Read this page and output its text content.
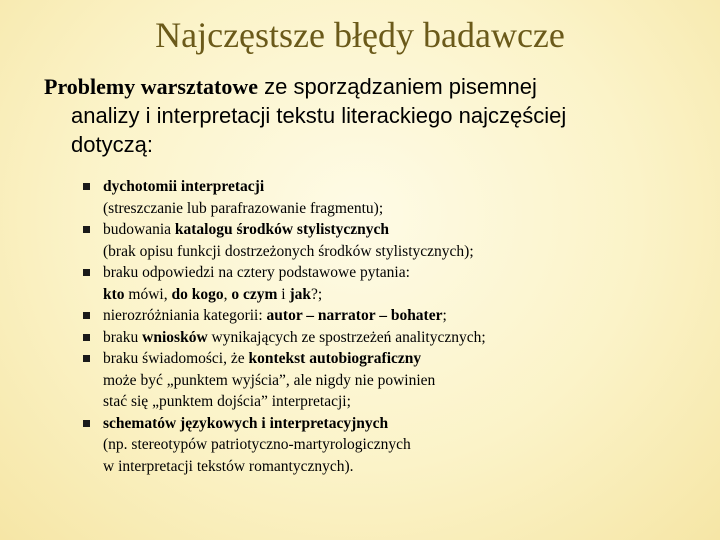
Najczęstsze błędy badawcze
Problemy warsztatowe ze sporządzaniem pisemnej
analizy i interpretacji tekstu literackiego najczęściej
dotyczą:
dychotomii interpretacji
(streszczanie lub parafrazowanie fragmentu);
budowania katalogu środków stylistycznych
(brak opisu funkcji dostrzeżonych środków stylistycznych);
braku odpowiedzi na cztery podstawowe pytania:
kto mówi, do kogo, o czym i jak?;
nierozróżniania kategorii: autor – narrator – bohater;
braku wniosków wynikających ze spostrzeżeń analitycznych;
braku świadomości, że kontekst autobiograficzny
może być „punktem wyjścia”, ale nigdy nie powinien
stać się „punktem dojścia” interpretacji;
schematów językowych i interpretacyjnych
(np. stereotypów patriotyczno-martyrologicznych
w interpretacji tekstów romantycznych).
